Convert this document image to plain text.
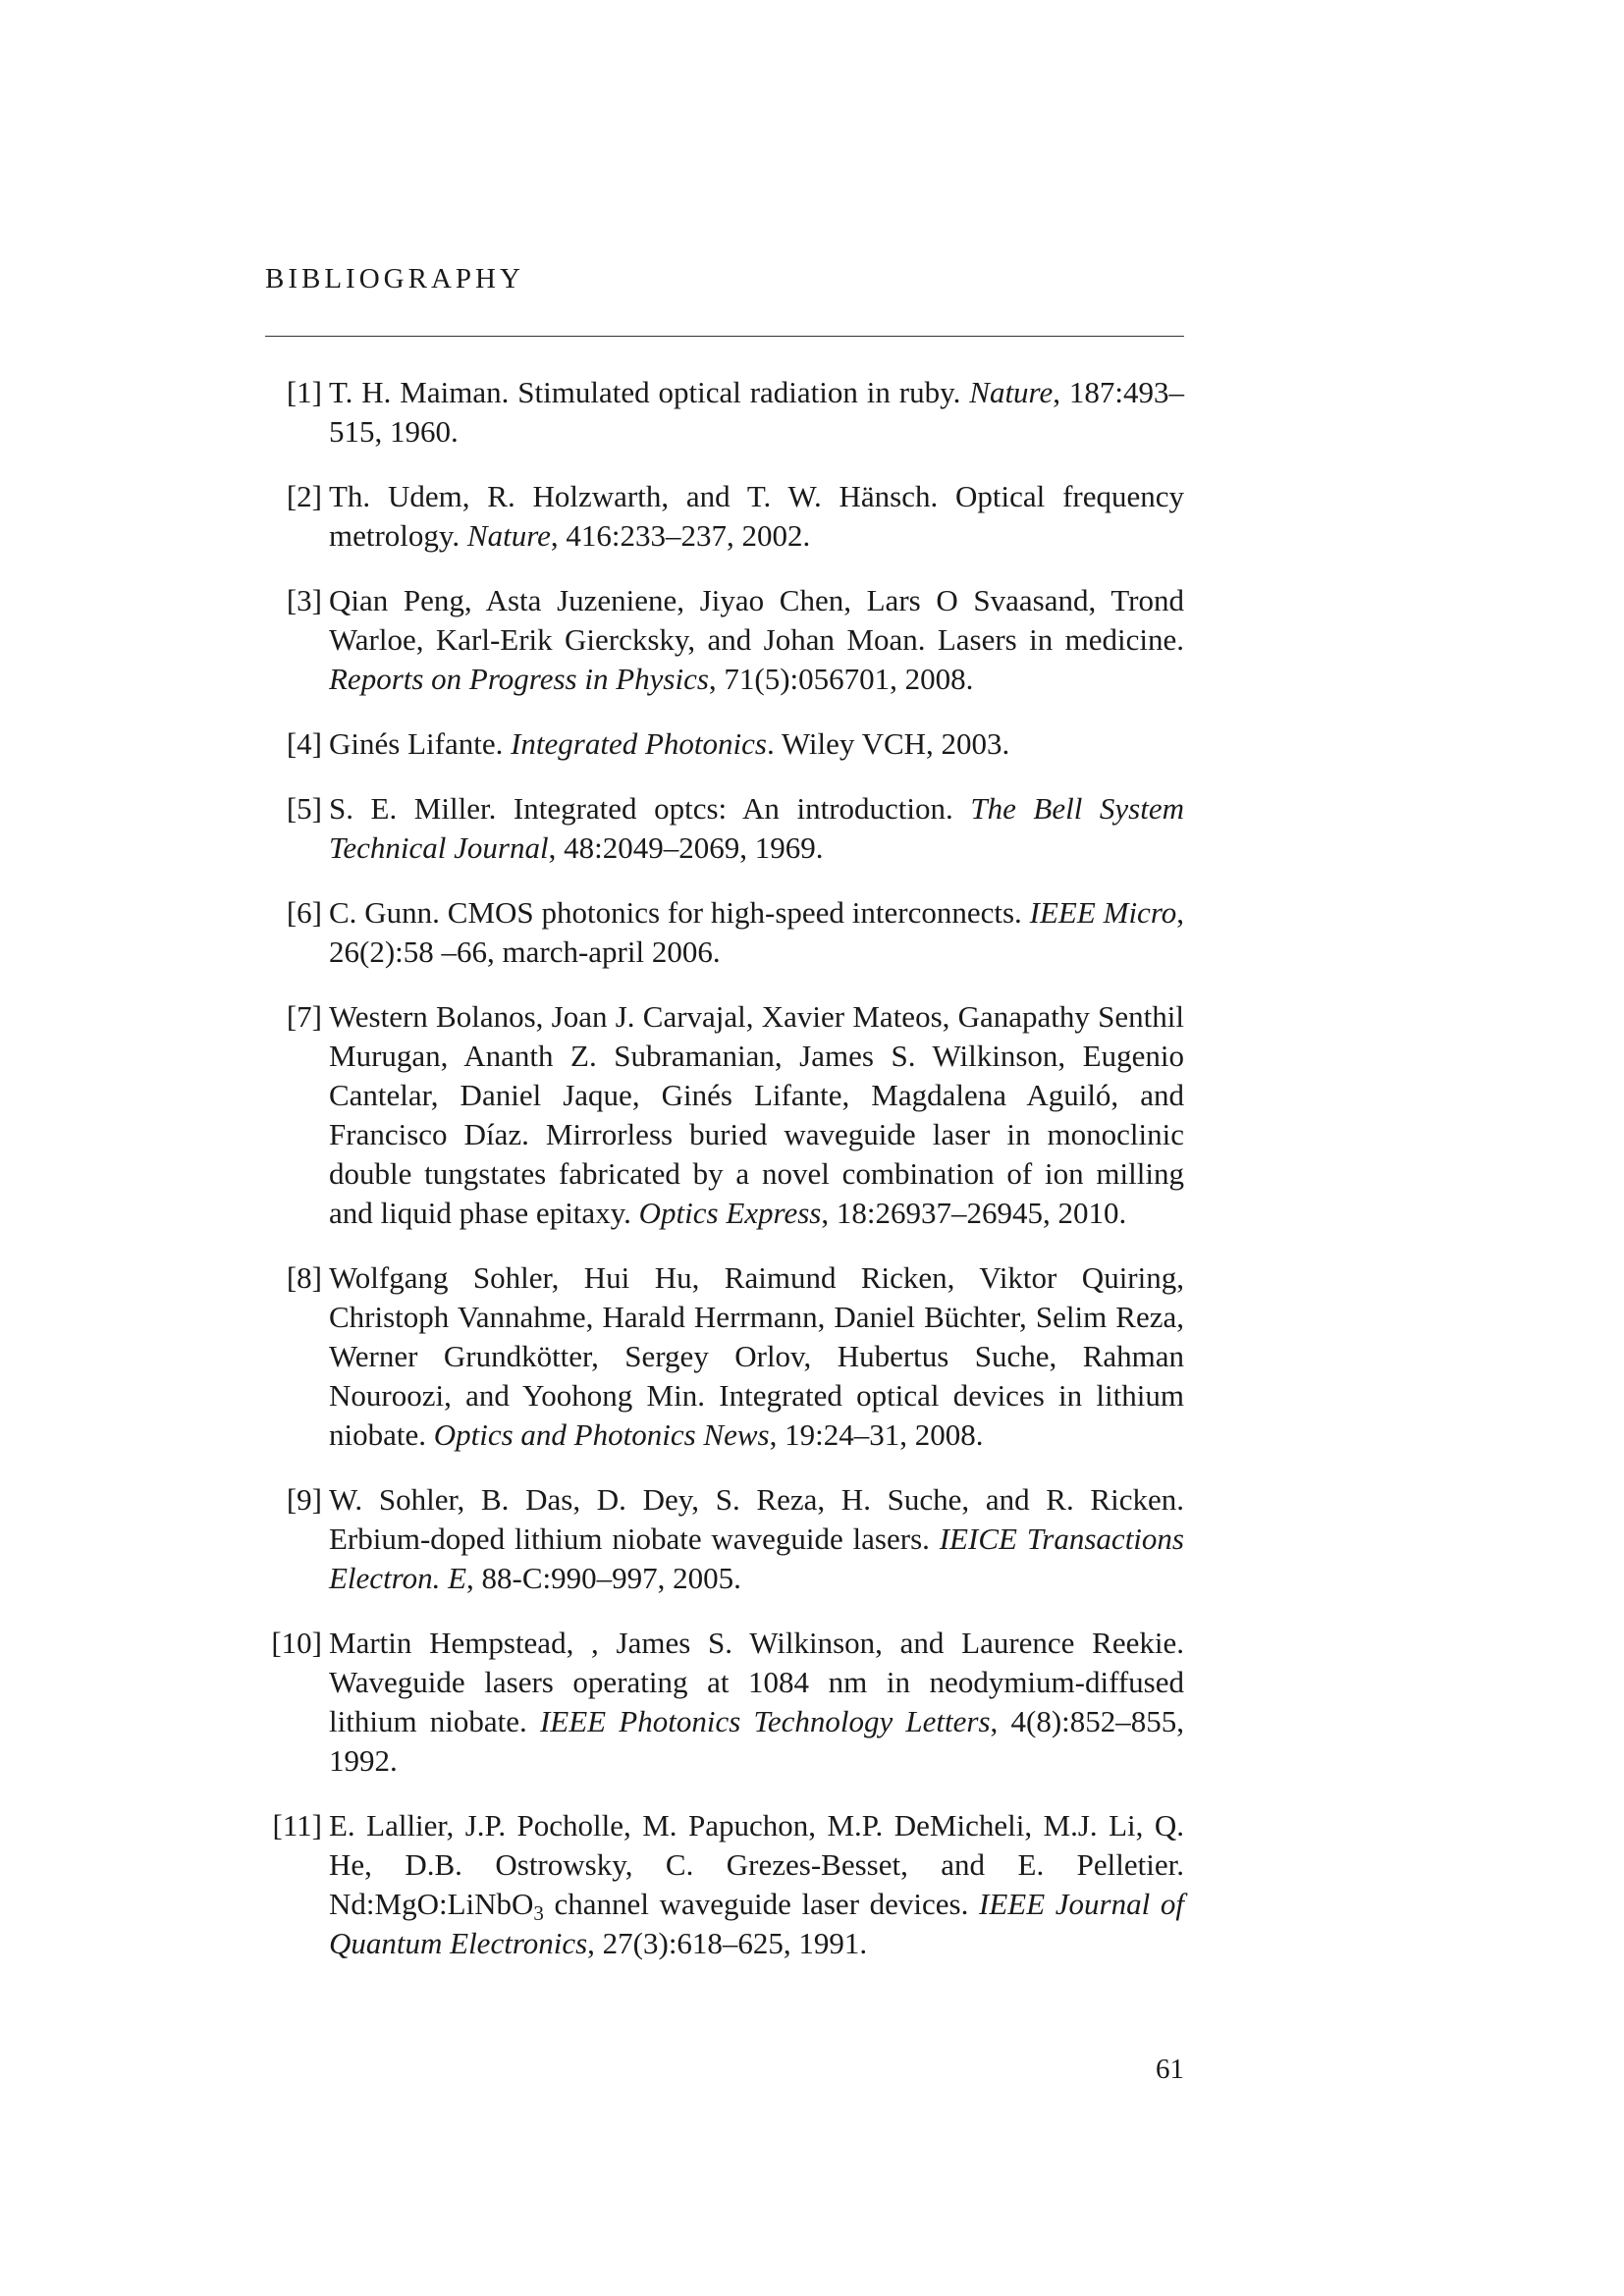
BIBLIOGRAPHY
[1] T. H. Maiman. Stimulated optical radiation in ruby. Nature, 187:493–515, 1960.
[2] Th. Udem, R. Holzwarth, and T. W. Hänsch. Optical frequency metrology. Nature, 416:233–237, 2002.
[3] Qian Peng, Asta Juzeniene, Jiyao Chen, Lars O Svaasand, Trond Warloe, Karl-Erik Giercksky, and Johan Moan. Lasers in medicine. Reports on Progress in Physics, 71(5):056701, 2008.
[4] Ginés Lifante. Integrated Photonics. Wiley VCH, 2003.
[5] S. E. Miller. Integrated optcs: An introduction. The Bell System Technical Journal, 48:2049–2069, 1969.
[6] C. Gunn. CMOS photonics for high-speed interconnects. IEEE Micro, 26(2):58 –66, march-april 2006.
[7] Western Bolanos, Joan J. Carvajal, Xavier Mateos, Ganapathy Senthil Murugan, Ananth Z. Subramanian, James S. Wilkinson, Eugenio Cantelar, Daniel Jaque, Ginés Lifante, Magdalena Aguiló, and Francisco Díaz. Mirrorless buried waveguide laser in monoclinic double tungstates fabricated by a novel combination of ion milling and liquid phase epitaxy. Optics Express, 18:26937–26945, 2010.
[8] Wolfgang Sohler, Hui Hu, Raimund Ricken, Viktor Quiring, Christoph Vannahme, Harald Herrmann, Daniel Büchter, Selim Reza, Werner Grundkötter, Sergey Orlov, Hubertus Suche, Rahman Nouroozi, and Yoohong Min. Integrated optical devices in lithium niobate. Optics and Photonics News, 19:24–31, 2008.
[9] W. Sohler, B. Das, D. Dey, S. Reza, H. Suche, and R. Ricken. Erbium-doped lithium niobate waveguide lasers. IEICE Transactions Electron. E, 88-C:990–997, 2005.
[10] Martin Hempstead, , James S. Wilkinson, and Laurence Reekie. Waveguide lasers operating at 1084 nm in neodymium-diffused lithium niobate. IEEE Photonics Technology Letters, 4(8):852–855, 1992.
[11] E. Lallier, J.P. Pocholle, M. Papuchon, M.P. DeMicheli, M.J. Li, Q. He, D.B. Ostrowsky, C. Grezes-Besset, and E. Pelletier. Nd:MgO:LiNbO$_3$ channel waveguide laser devices. IEEE Journal of Quantum Electronics, 27(3):618–625, 1991.
61
